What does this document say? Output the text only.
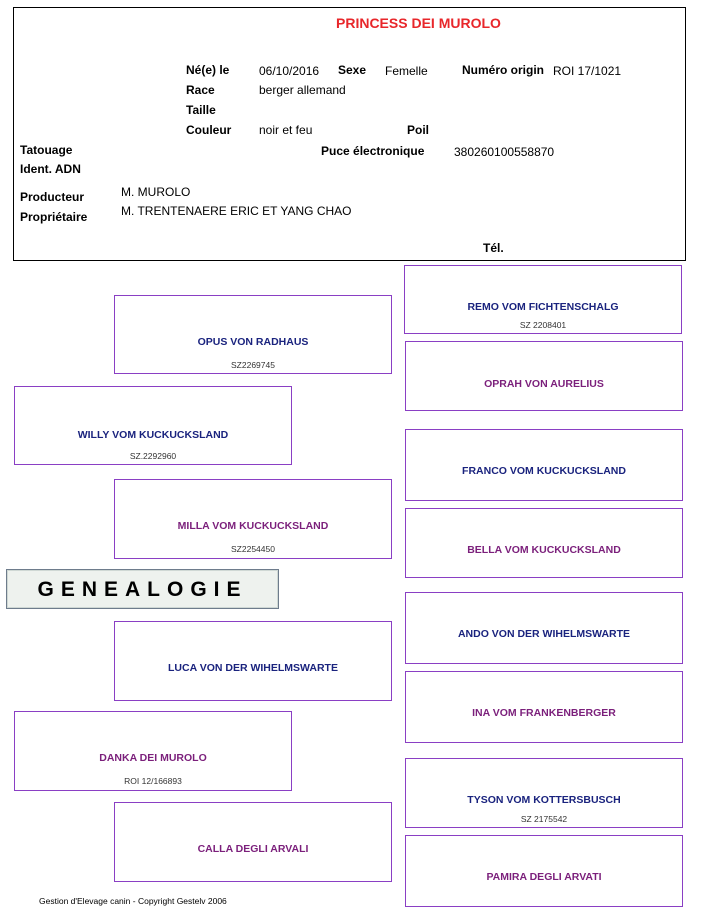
PRINCESS DEI MUROLO
Né(e) le 06/10/2016 Sexe Femelle	Numéro origin ROI 17/1021
Race	berger allemand
Taille
Couleur noir et feu	Poil
Tatouage	Puce électronique 380260100558870
Ident. ADN
Producteur	M. MUROLO
Propriétaire	M. TRENTENAERE ERIC ET YANG CHAO
Tél.
REMO VOM FICHTENSCHALG
SZ 2208401
OPRAH VON AURELIUS
FRANCO VOM KUCKUCKSLAND
BELLA VOM KUCKUCKSLAND
ANDO VON DER WIHELMSWARTE
INA VOM FRANKENBERGER
TYSON VOM KOTTERSBUSCH
SZ 2175542
PAMIRA DEGLI ARVATI
OPUS VON RADHAUS
SZ2269745
MILLA VOM KUCKUCKSLAND
SZ2254450
LUCA VON DER WIHELMSWARTE
CALLA DEGLI ARVALI
WILLY VOM KUCKUCKSLAND
SZ.2292960
DANKA DEI MUROLO
ROI 12/166893
GENEALOGIE
Gestion d'Elevage canin - Copyright Gestelv 2006
